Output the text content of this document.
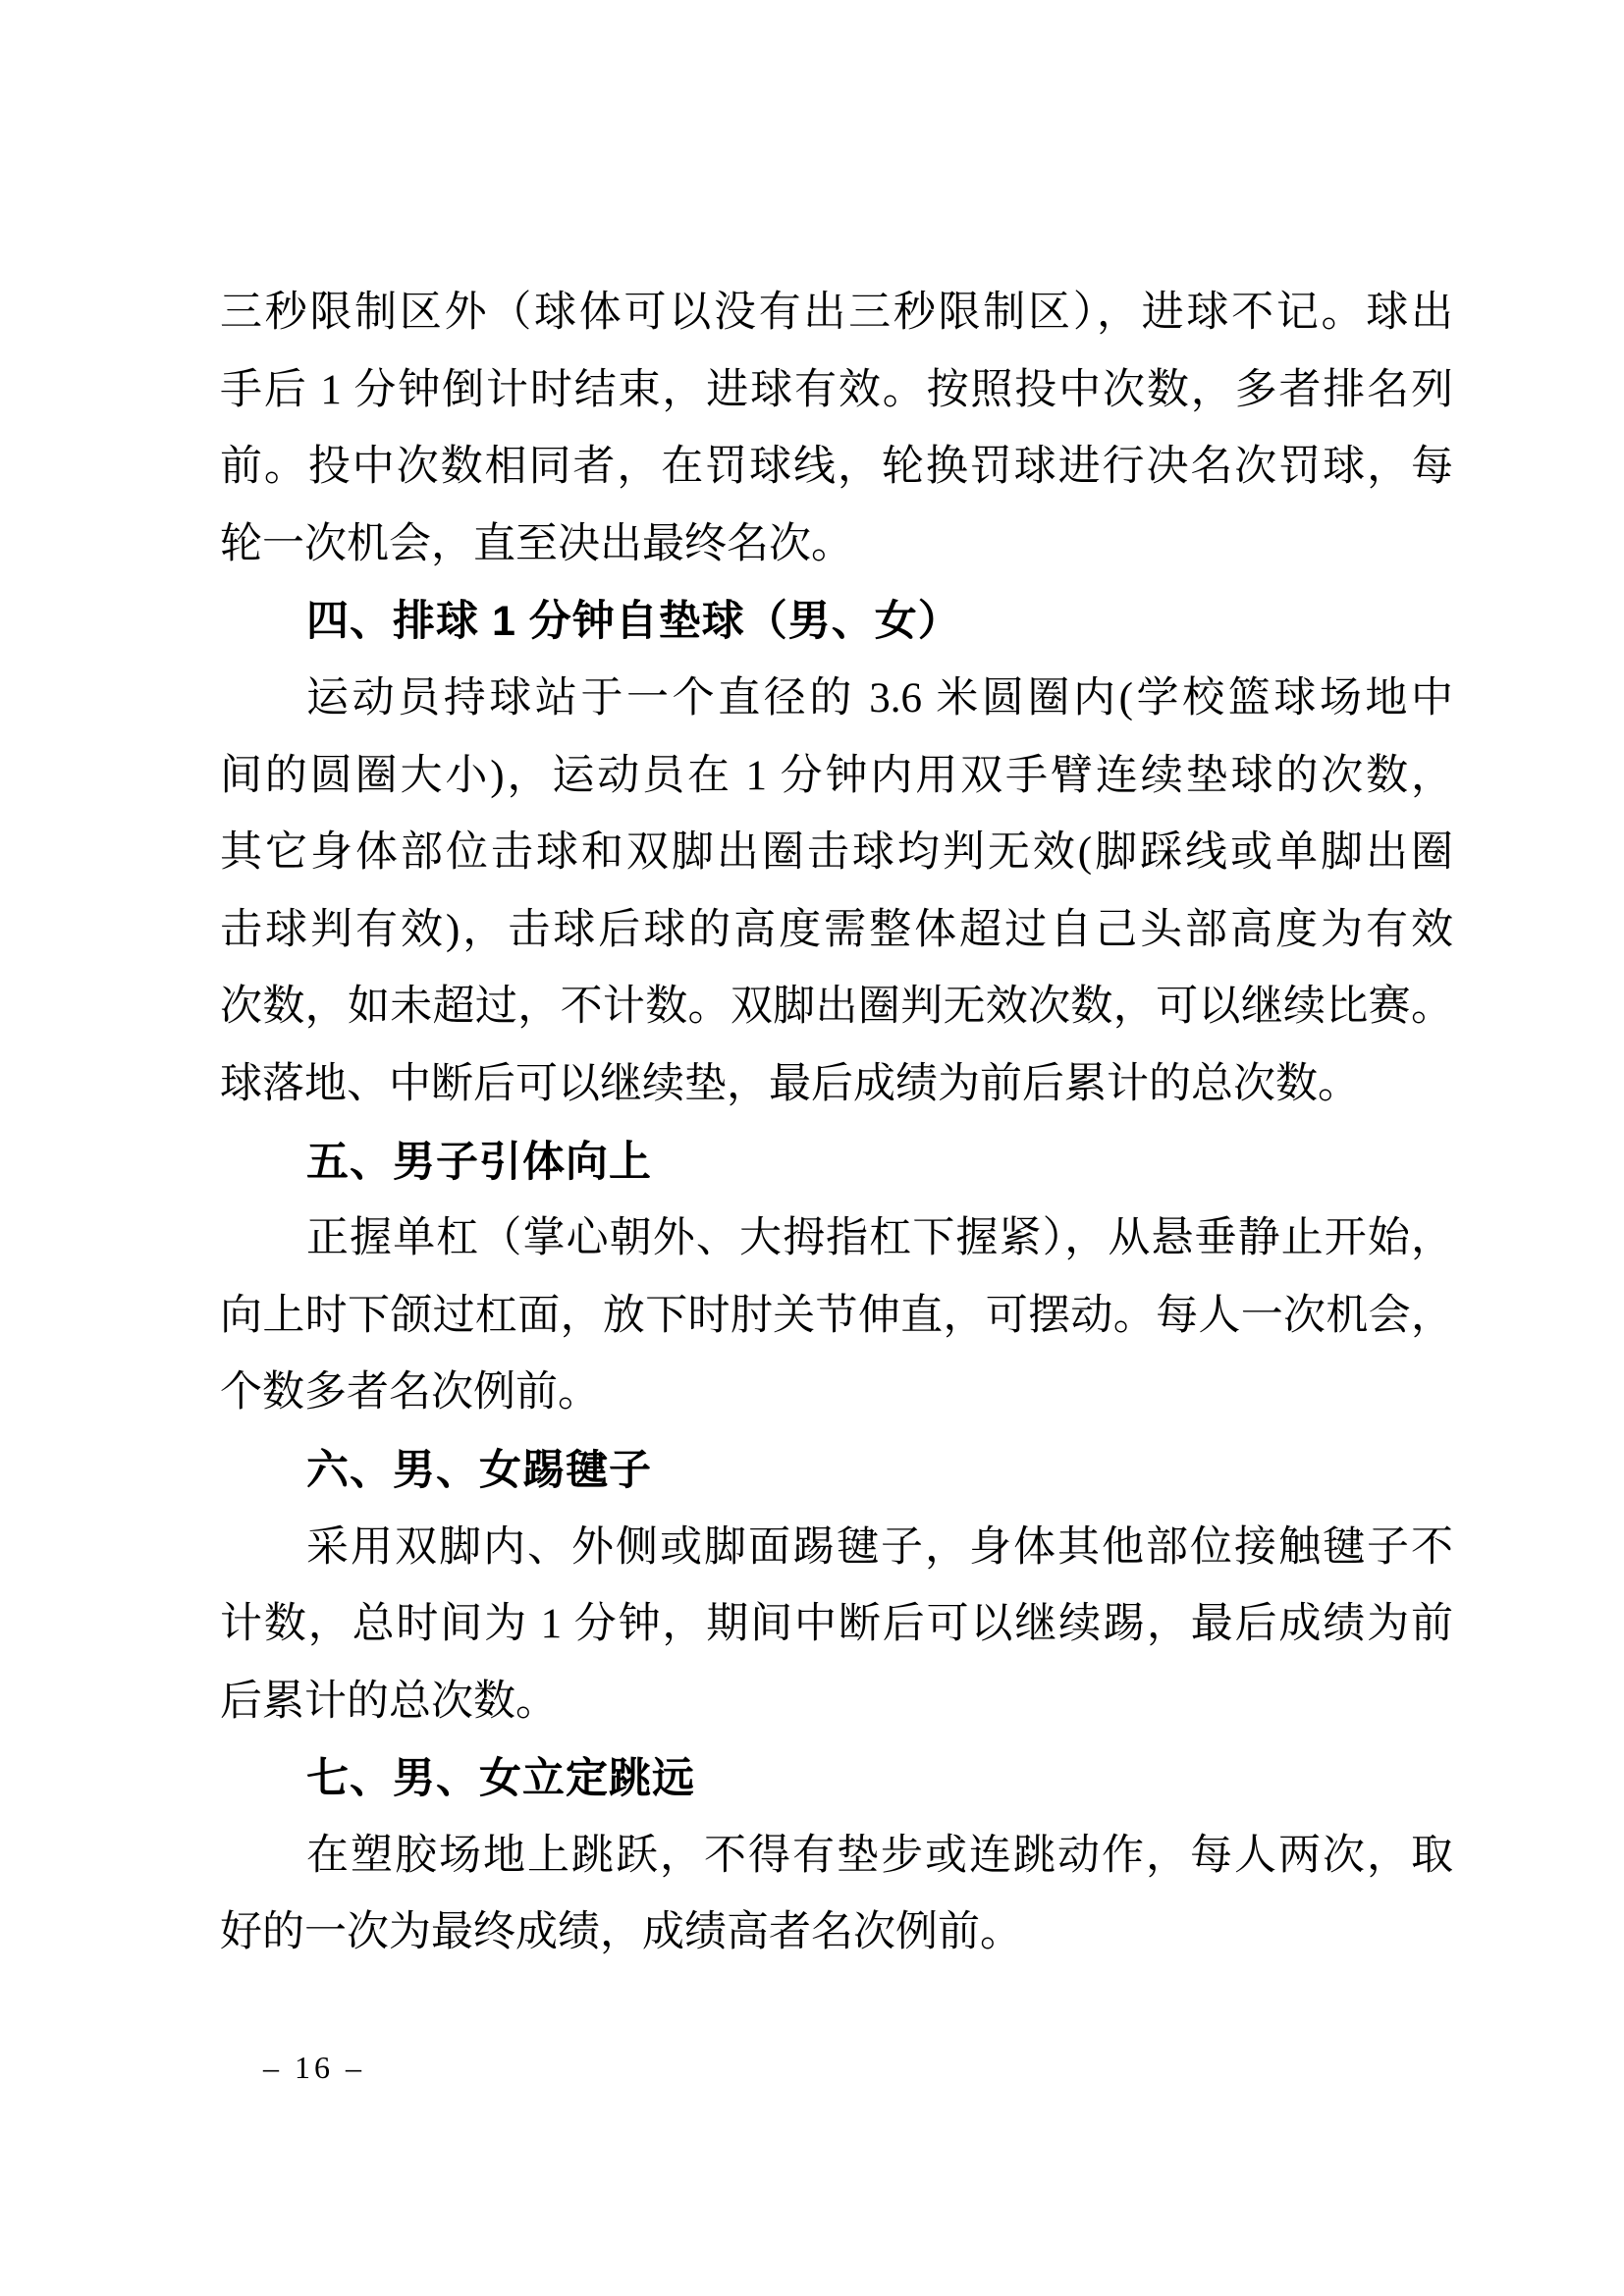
三秒限制区外（球体可以没有出三秒限制区），进球不记。球出
手后 1 分钟倒计时结束，进球有效。按照投中次数，多者排名列
前。投中次数相同者，在罚球线，轮换罚球进行决名次罚球，每
轮一次机会，直至决出最终名次。
四、排球 1 分钟自垫球（男、女）
运动员持球站于一个直径的 3.6 米圆圈内(学校篮球场地中
间的圆圈大小)，运动员在 1 分钟内用双手臂连续垫球的次数，
其它身体部位击球和双脚出圈击球均判无效(脚踩线或单脚出圈
击球判有效)，击球后球的高度需整体超过自己头部高度为有效
次数，如未超过，不计数。双脚出圈判无效次数，可以继续比赛。
球落地、中断后可以继续垫，最后成绩为前后累计的总次数。
五、男子引体向上
正握单杠（掌心朝外、大拇指杠下握紧），从悬垂静止开始，
向上时下颌过杠面，放下时肘关节伸直，可摆动。每人一次机会，
个数多者名次例前。
六、男、女踢毽子
采用双脚内、外侧或脚面踢毽子，身体其他部位接触毽子不
计数，总时间为 1 分钟，期间中断后可以继续踢，最后成绩为前
后累计的总次数。
七、男、女立定跳远
在塑胶场地上跳跃，不得有垫步或连跳动作，每人两次，取
好的一次为最终成绩，成绩高者名次例前。
– 16 –
